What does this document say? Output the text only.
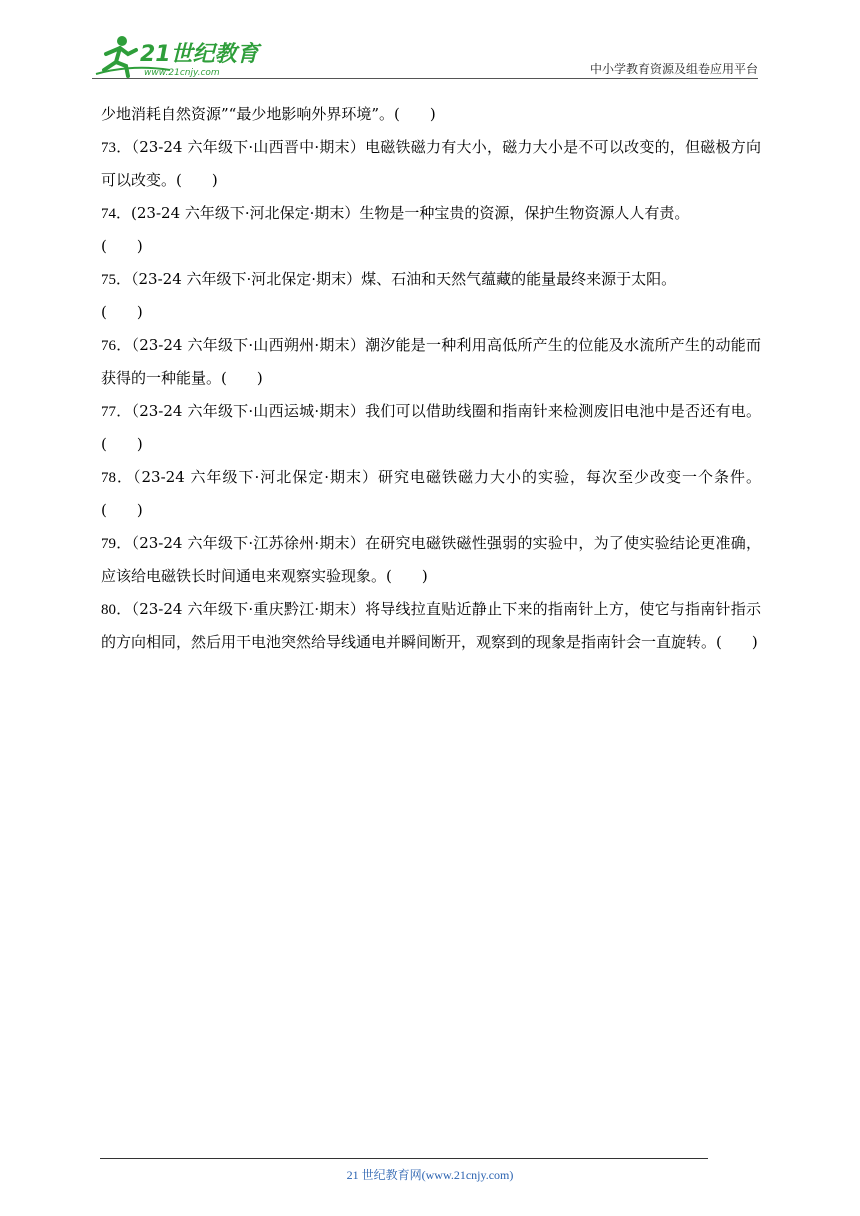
21世纪教育
www.21cnjy.com	中小学教育资源及组卷应用平台

少地消耗自然资源”“最少地影响外界环境”。(　　 )

73．（23-24 六年级下·山西晋中·期末）电磁铁磁力有大小，磁力大小是不可以改变的，但磁极方向可以改变。(　　 )

74．(23-24 六年级下·河北保定·期末）生物是一种宝贵的资源，保护生物资源人人有责。
(　　 )

75．（23-24 六年级下·河北保定·期末）煤、石油和天然气蕴藏的能量最终来源于太阳。
(　　 )

76．（23-24 六年级下·山西朔州·期末）潮汐能是一种利用高低所产生的位能及水流所产生的动能而获得的一种能量。(　　 )

77．（23-24 六年级下·山西运城·期末）我们可以借助线圈和指南针来检测废旧电池中是否还有电。(　　 )

78．（23-24 六年级下·河北保定·期末）研究电磁铁磁力大小的实验，每次至少改变一个条件。(　　 )

79．（23-24 六年级下·江苏徐州·期末）在研究电磁铁磁性强弱的实验中，为了使实验结论更准确，应该给电磁铁长时间通电来观察实验现象。(　　 )

80．（23-24 六年级下·重庆黔江·期末）将导线拉直贴近静止下来的指南针上方，使它与指南针指示的方向相同，然后用干电池突然给导线通电并瞬间断开，观察到的现象是指南针会一直旋转。(　　 )

21 世纪教育网(www.21cnjy.com)
